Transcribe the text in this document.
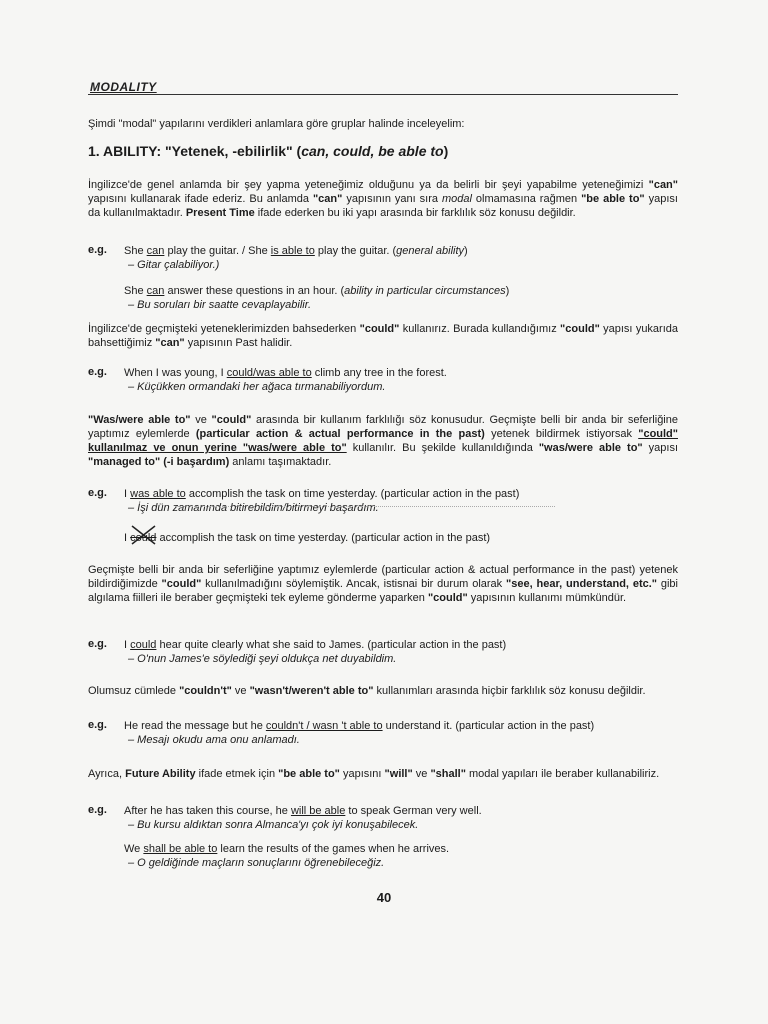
MODALITY
Şimdi "modal" yapılarını verdikleri anlamlara göre gruplar halinde inceleyelim:
1. ABILITY: "Yetenek, -ebilirlik" (can, could, be able to)
İngilizce'de genel anlamda bir şey yapma yeteneğimiz olduğunu ya da belirli bir şeyi yapabilme yeteneğimizi "can" yapısını kullanarak ifade ederiz. Bu anlamda "can" yapısının yanı sıra modal olmamasına rağmen "be able to" yapısı da kullanılmaktadır. Present Time ifade ederken bu iki yapı arasında bir farklılık söz konusu değildir.
e.g. She can play the guitar. / She is able to play the guitar. (general ability)
– Gitar çalabiliyor.)
She can answer these questions in an hour. (ability in particular circumstances)
– Bu soruları bir saatte cevaplayabilir.
İngilizce'de geçmişteki yeteneklerimizden bahsederken "could" kullanırız. Burada kullandığımız "could" yapısı yukarıda bahsettiğimiz "can" yapısının Past halidir.
e.g. When I was young, I could/was able to climb any tree in the forest.
– Küçükken ormandaki her ağaca tırmanabiliyordum.
"Was/were able to" ve "could" arasında bir kullanım farklılığı söz konusudur. Geçmişte belli bir anda bir seferliğine yaptımız eylemlerde (particular action & actual performance in the past) yetenek bildirmek istiyorsak "could" kullanılmaz ve onun yerine "was/were able to" kullanılır. Bu şekilde kullanıldığında "was/were able to" yapısı "managed to" (-i başardım) anlamı taşımaktadır.
e.g. I was able to accomplish the task on time yesterday. (particular action in the past)
– İşi dün zamanında bitirebildim/bitirmeyi başardım.
I could accomplish the task on time yesterday. (particular action in the past)
Geçmişte belli bir anda bir seferliğine yaptımız eylemlerde (particular action & actual performance in the past) yetenek bildirdiğimizde "could" kullanılmadığını söylemiştik. Ancak, istisnai bir durum olarak "see, hear, understand, etc." gibi algılama fiilleri ile beraber geçmişteki tek eyleme gönderme yaparken "could" yapısının kullanımı mümkündür.
e.g. I could hear quite clearly what she said to James. (particular action in the past)
– O'nun James'e söylediği şeyi oldukça net duyabildim.
Olumsuz cümlede "couldn't" ve "wasn't/weren't able to" kullanımları arasında hiçbir farklılık söz konusu değildir.
e.g. He read the message but he couldn't / wasn 't able to understand it. (particular action in the past)
– Mesajı okudu ama onu anlamadı.
Ayrıca, Future Ability ifade etmek için "be able to" yapısını "will" ve "shall" modal yapıları ile beraber kullanabiliriz.
e.g. After he has taken this course, he will be able to speak German very well.
– Bu kursu aldıktan sonra Almanca'yı çok iyi konuşabilecek.
We shall be able to learn the results of the games when he arrives.
– O geldiğinde maçların sonuçlarını öğrenebileceğiz.
40
